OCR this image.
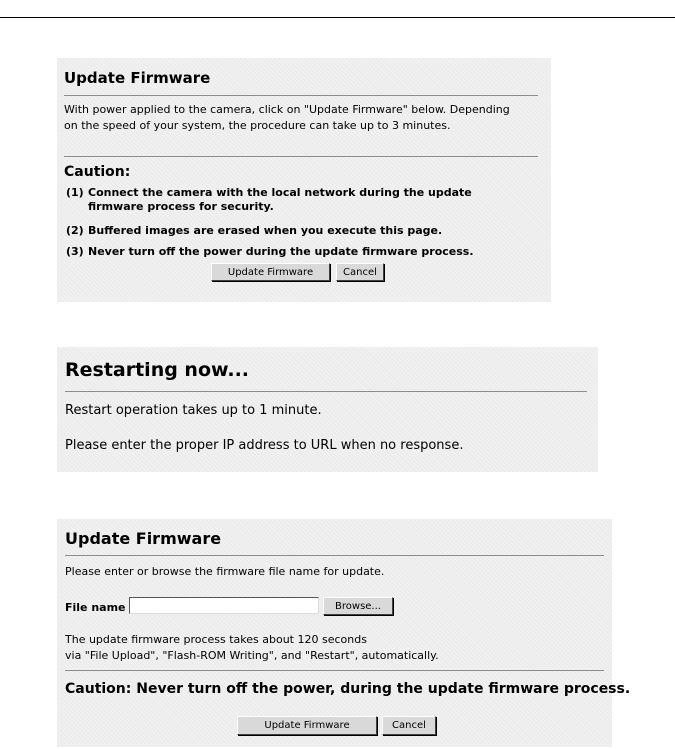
Update Firmware
With power applied to the camera, click on "Update Firmware" below. Depending
on the speed of your system, the procedure can take up to 3 minutes.
Caution:
(1) Connect the camera with the local network during the update firmware process for security.
(2) Buffered images are erased when you execute this page.
(3) Never turn off the power during the update firmware process.
Update Firmware	Cancel
Restarting now...
Restart operation takes up to 1 minute.
Please enter the proper IP address to URL when no response.
Update Firmware
Please enter or browse the firmware file name for update.
File name	Browse...
The update firmware process takes about 120 seconds
via "File Upload", "Flash-ROM Writing", and "Restart", automatically.
Caution: Never turn off the power, during the update firmware process.
Update Firmware	Cancel
